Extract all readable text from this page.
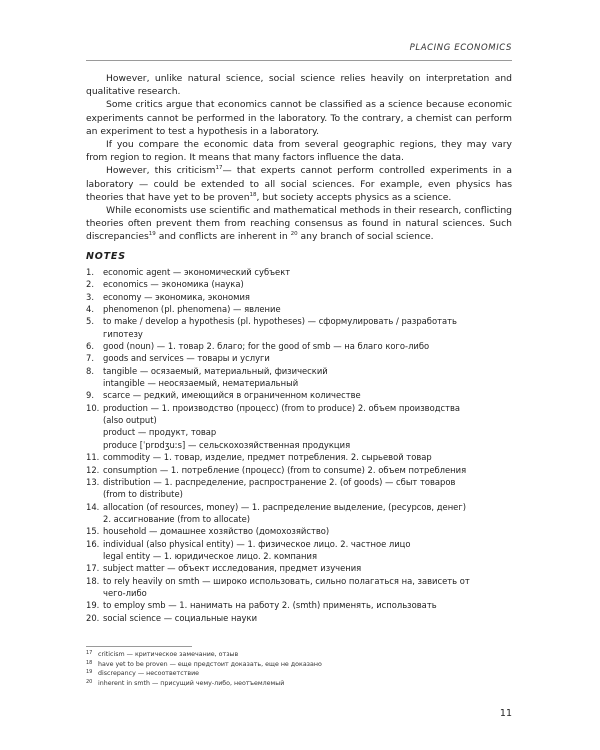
PLACING ECONOMICS

However, unlike natural science, social science relies heavily on interpretation and qualitative research.

Some critics argue that economics cannot be classified as a science because economic experiments cannot be performed in the laboratory. To the contrary, a chemist can perform an experiment to test a hypothesis in a laboratory.

If you compare the economic data from several geographic regions, they may vary from region to region. It means that many factors influence the data.

However, this criticism$^{17}$— that experts cannot perform controlled experiments in a laboratory — could be extended to all social sciences. For example, even physics has theories that have yet to be proven$^{18}$, but society accepts physics as a science.

While economists use scientific and mathematical methods in their research, conflicting theories often prevent them from reaching consensus as found in natural sciences. Such discrepancies$^{19}$ and conflicts are inherent in $^{20}$ any branch of social science.

NOTES
1.	economic agent — экономический субъект
2.	economics — экономика (наука)
3.	economy — экономика, экономия
4.	phenomenon (pl. phenomena) — явление
5.	to make / develop a hypothesis (pl. hypotheses) — сформулировать / разработать
гипотезу
6.	good (noun) — 1. товар 2. благо; for the good of smb — на благо кого-либо
7.	goods and services — товары и услуги
8.	tangible — осязаемый, материальный, физический
intangible — неосязаемый, нематериальный
9.	scarce — редкий, имеющийся в ограниченном количестве
10. production — 1. производство (процесс) (from to produce) 2. объем производства
(also output)
product — продукт, товар
produce [ˈprɒdʒuːs] — сельскохозяйственная продукция
11. commodity — 1. товар, изделие, предмет потребления. 2. сырьевой товар
12. consumption — 1. потребление (процесс) (from to consume) 2. объем потребления
13. distribution — 1. распределение, распространение 2. (of goods) — сбыт товаров
(from to distribute)
14. allocation (of resources, money) — 1. распределение выделение, (ресурсов, денег)
2. ассигнование (from to allocate)
15. household — домашнее хозяйство (домохозяйство)
16. individual (also physical entity) — 1. физическое лицо. 2. частное лицо
legal entity — 1. юридическое лицо. 2. компания
17. subject matter — объект исследования, предмет изучения
18. to rely heavily on smth — широко использовать, сильно полагаться на, зависеть от
чего-либо
19. to employ smb — 1. нанимать на работу 2. (smth) применять, использовать
20. social science — социальные науки
17 criticism — критическое замечание, отзыв
18 have yet to be proven — еще предстоит доказать, еще не доказано
19 discrepancy — несоответствие
20 inherent in smth — присущий чему-либо, неотъемлемый
11
